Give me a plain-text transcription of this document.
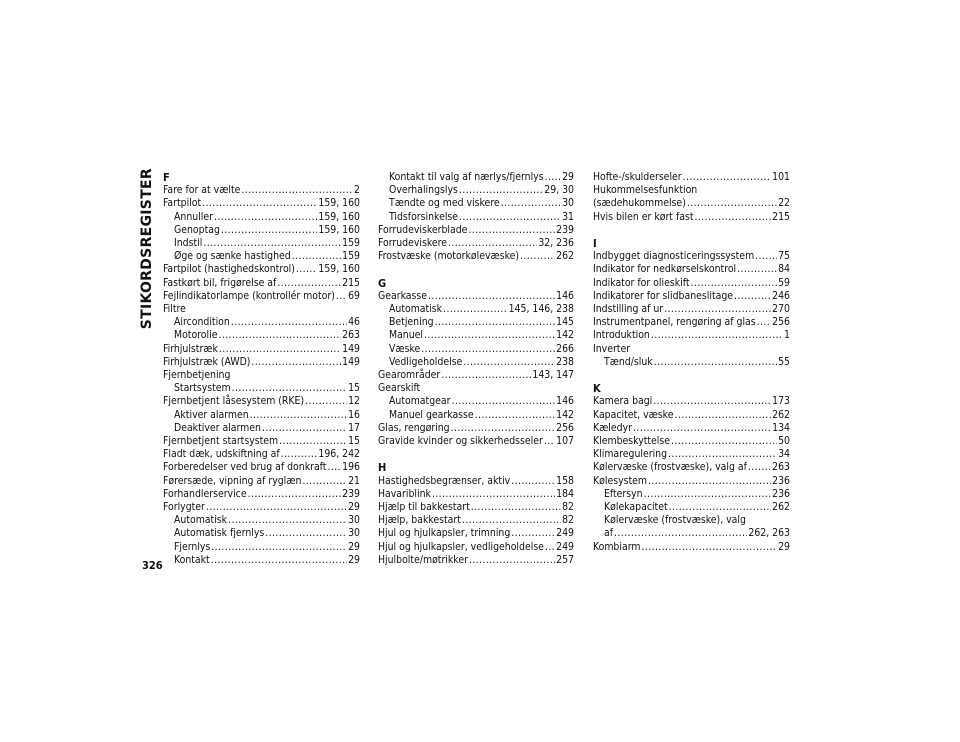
STIKORDSREGISTER F
Fare for at vælte .....	2
Fartpilot .....	159, 160
Annuller .....	159, 160
Genoptag .....	159, 160
Indstil .....	159
Øge og sænke hastighed .....	159
Fartpilot (hastighedskontrol) ..... 159, 160
Fastkørt bil, frigørelse af .....	215
Fejlindikatorlampe (kontrollér motor) ..... 69
Filtre
Aircondition .....	46
Motorolie .....	263
Firhjulstræk .....	149
Firhjulstræk (AWD) .....	149
Fjernbetjening
Startsystem .....	15
Fjernbetjent låsesystem (RKE) .....	12
Aktiver alarmen .....	16
Deaktiver alarmen .....	17
Fjernbetjent startsystem .....	15
Fladt dæk, udskiftning af .....	196, 242
Forberedelser ved brug af donkraft ..... 196
Førersæde, vipning af ryglæn .....	21
Forhandlerservice .....	239
Forlygter .....	29
Automatisk .....	30
Automatisk fjernlys .....	30
Fjernlys .....	29
Kontakt .....	29
Kontakt til valg af nærlys/fjernlys ..... 29
Overhalingslys .....	29, 30
Tændte og med viskere .....	30
Tidsforsinkelse .....	31
Forrudeviskerblade .....	239
Forrudeviskere .....	32, 236
Frostvæske (motorkølevæske) .....	262
G
Gearkasse .....	146
Automatisk .....	145, 146, 238
Betjening .....	145
Manuel .....	142
Væske .....	266
Vedligeholdelse .....	238
Gearområder .....	143, 147
Gearskift
Automatgear .....	146
Manuel gearkasse .....	142
Glas, rengøring .....	256
Gravide kvinder og sikkerhedsseler ..... 107
H
Hastighedsbegrænser, aktiv .....	158
Havariblink .....	184
Hjælp til bakkestart .....	82
Hjælp, bakkestart .....	82
Hjul og hjulkapsler, trimning .....	249
Hjul og hjulkapsler, vedligeholdelse ..... 249
Hjulbolte/møtrikker .....	257
Hofte-/skulderseler .....	101
Hukommelsesfunktion
(sædehukommelse) .....	22
Hvis bilen er kørt fast .....	215
I
Indbygget diagnosticeringssystem ..... 75
Indikator for nedkørselskontrol .....	84
Indikator for olieskift .....	59
Indikatorer for slidbaneslitage .....	246
Indstilling af ur .....	270
Instrumentpanel, rengøring af glas ..... 256
Introduktion .....	1
Inverter
Tænd/sluk .....	55
K
Kamera bagi .....	173
Kapacitet, væske .....	262
Kæledyr .....	134
Klembeskyttelse .....	50
Klimaregulering .....	34
Kølervæske (frostvæske), valg af ..... 263
Kølesystem .....	236
Eftersyn .....	236
Kølekapacitet .....	262
Kølervæske (frostvæske), valg
af .....	262, 263
Kombiarm .....	29
326
